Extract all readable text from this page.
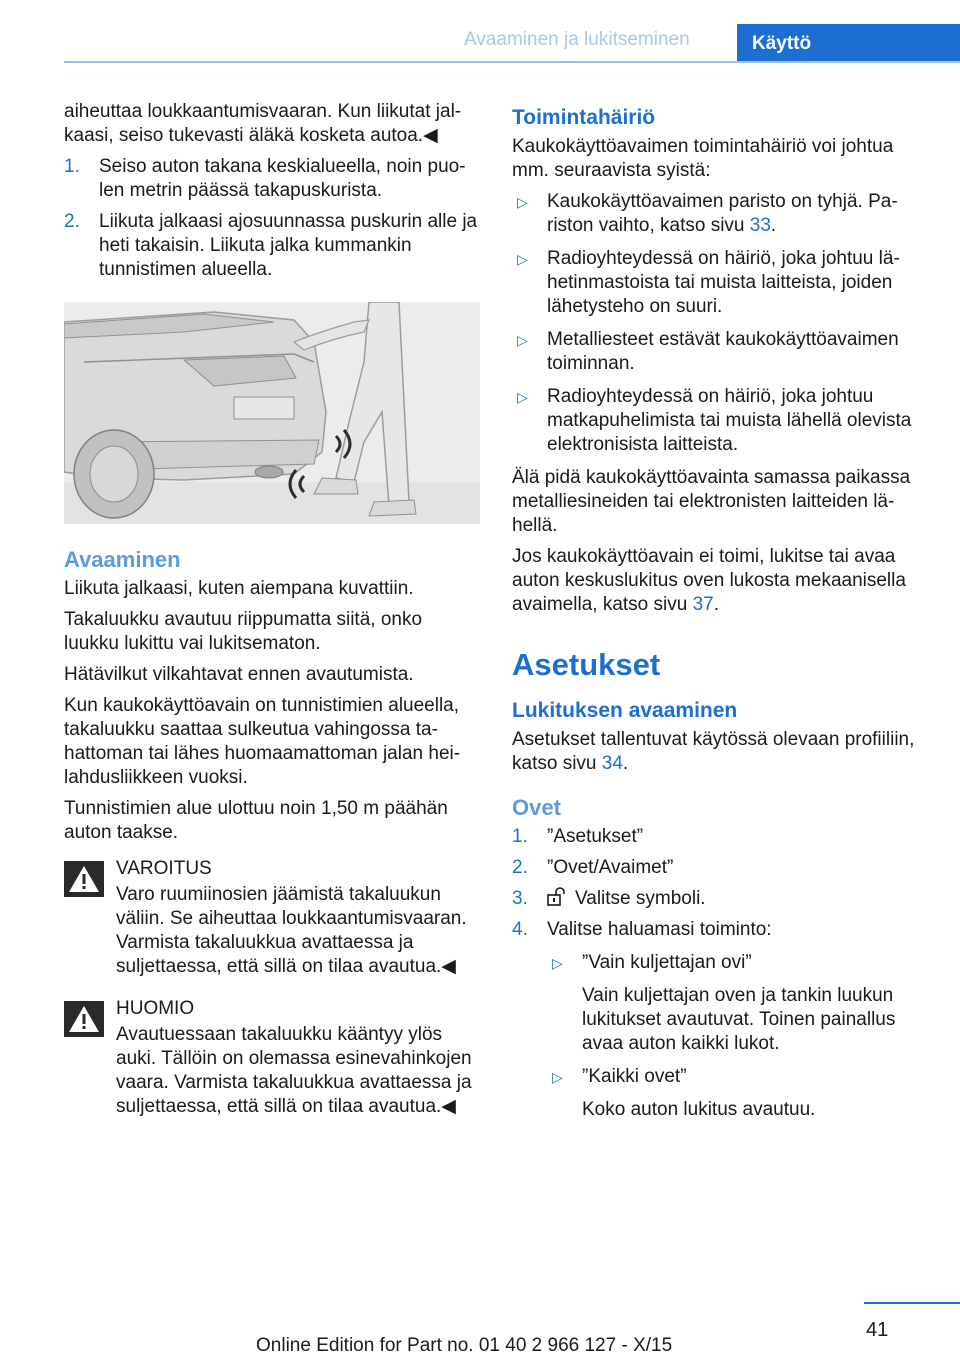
Avaaminen ja lukitseminen	Käyttö

aiheuttaa loukkaantumisvaaran. Kun liikutat jalkaasi, seiso tukevasti äläkä kosketa autoa.◀

1. Seiso auton takana keskialueella, noin puolen metrin päässä takapuskurista.
2. Liikuta jalkaasi ajosuunnassa puskurin alle ja heti takaisin. Liikuta jalka kummankin tunnistimen alueella.
Avaaminen

Liikuta jalkaasi, kuten aiempana kuvattiin.

Takaluukku avautuu riippumatta siitä, onko luukku lukittu vai lukitsematon.

Hätävilkut vilkahtavat ennen avautumista.

Kun kaukokäyttöavain on tunnistimien alueella, takaluukku saattaa sulkeutua vahingossa tahattoman tai lähes huomaamattoman jalan heilahdusliikkeen vuoksi.

Tunnistimien alue ulottuu noin 1,50 m päähän auton taakse.

VAROITUS
Varo ruumiinosien jäämistä takaluukun väliin. Se aiheuttaa loukkaantumisvaaran. Varmista takaluukkua avattaessa ja suljettaessa, että sillä on tilaa avautua.◀
HUOMIO
Avautuessaan takaluukku kääntyy ylös auki. Tällöin on olemassa esinevahinkojen vaara. Varmista takaluukkua avattaessa ja suljettaessa, että sillä on tilaa avautua.◀
Toimintahäiriö

Kaukokäyttöavaimen toimintahäiriö voi johtua mm. seuraavista syistä:

▷ Kaukokäyttöavaimen paristo on tyhjä. Pariston vaihto, katso sivu 33.
▷ Radioyhteydessä on häiriö, joka johtuu lähetinmastoista tai muista laitteista, joiden lähetysteho on suuri.
▷ Metalliesteet estävät kaukokäyttöavaimen toiminnan.
▷ Radioyhteydessä on häiriö, joka johtuu matkapuhelimista tai muista lähellä olevista elektronisista laitteista.

Älä pidä kaukokäyttöavainta samassa paikassa metalliesineiden tai elektronisten laitteiden lähellä.

Jos kaukokäyttöavain ei toimi, lukitse tai avaa auton keskuslukitus oven lukosta mekaanisella avaimella, katso sivu 37.

Asetukset
Lukituksen avaaminen

Asetukset tallentuvat käytössä olevaan profiiliin, katso sivu 34.

Ovet
1. ”Asetukset”
2. ”Ovet/Avaimet”
3. Valitse symboli.
4. Valitse haluamasi toiminto:
▷ ”Vain kuljettajan ovi”
Vain kuljettajan oven ja tankin luukun lukitukset avautuvat. Toinen painallus avaa auton kaikki lukot.
▷ ”Kaikki ovet”
Koko auton lukitus avautuu.
41
Online Edition for Part no. 01 40 2 966 127 - X/15
